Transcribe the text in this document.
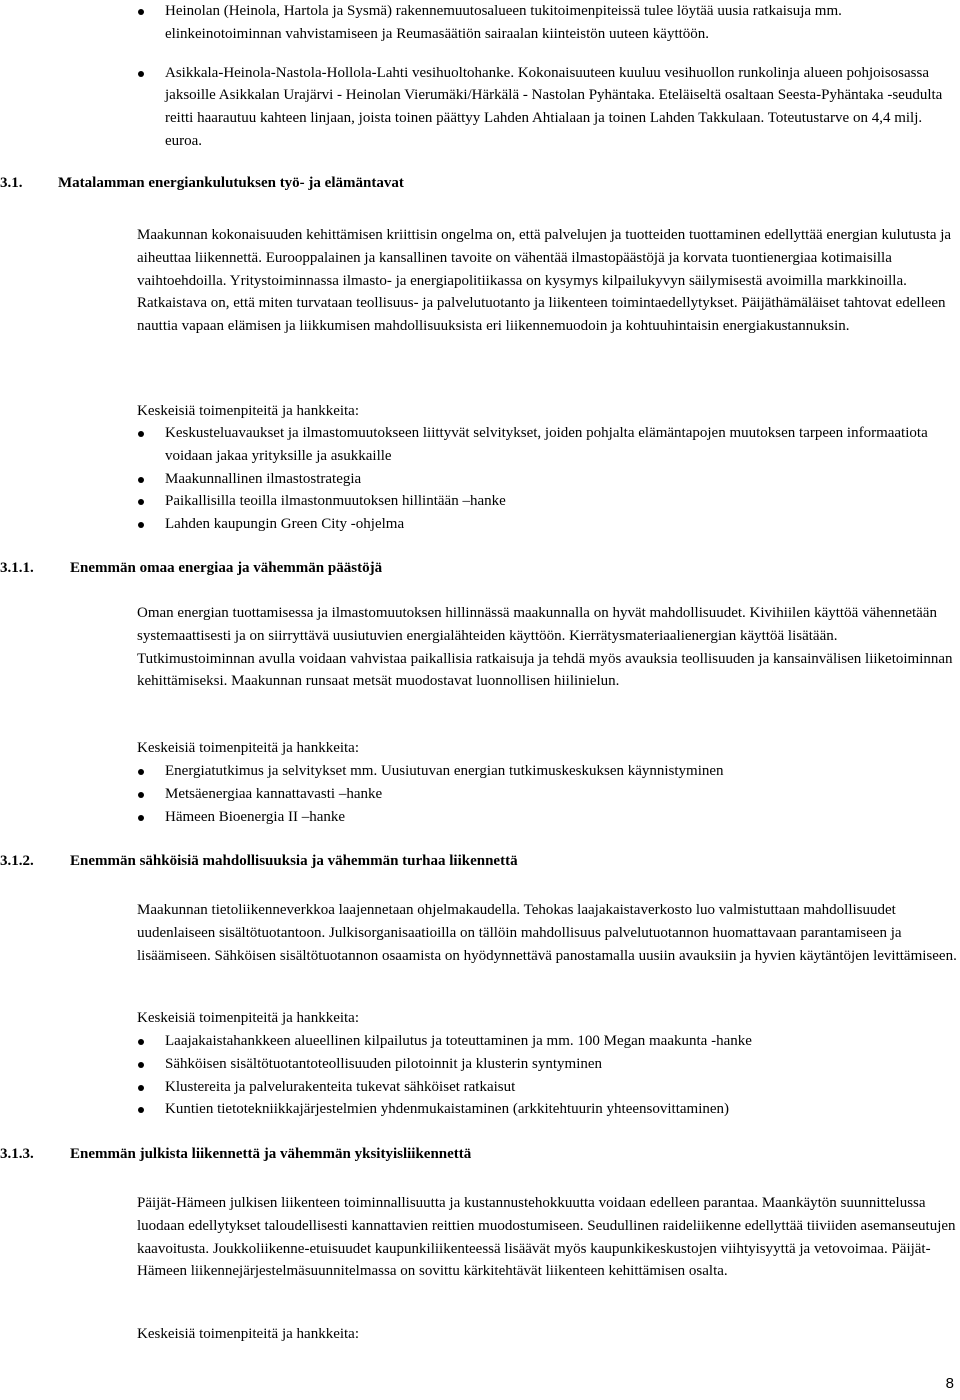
Heinolan (Heinola, Hartola ja Sysmä) rakennemuutosalueen tukitoimenpiteissä tulee löytää uusia ratkaisuja mm. elinkeinotoiminnan vahvistamiseen ja Reumasäätiön sairaalan kiinteistön uuteen käyttöön.
Asikkala-Heinola-Nastola-Hollola-Lahti vesihuoltohanke. Kokonaisuuteen kuuluu vesihuollon runkolinja alueen pohjoisosassa jaksoille Asikkalan Urajärvi - Heinolan Vierumäki/Härkälä - Nastolan Pyhäntaka. Eteläiseltä osaltaan Seesta-Pyhäntaka -seudulta reitti haarautuu kahteen linjaan, joista toinen päättyy Lahden Ahtialaan ja toinen Lahden Takkulaan. Toteutustarve on 4,4 milj. euroa.
3.1. Matalamman energiankulutuksen työ- ja elämäntavat
Maakunnan kokonaisuuden kehittämisen kriittisin ongelma on, että palvelujen ja tuotteiden tuottaminen edellyttää energian kulutusta ja aiheuttaa liikennettä. Eurooppalainen ja kansallinen tavoite on vähentää ilmastopäästöjä ja korvata tuontienergiaa kotimaisilla vaihtoehdoilla. Yritystoiminnassa ilmasto- ja energiapolitiikassa on kysymys kilpailukyvyn säilymisestä avoimilla markkinoilla. Ratkaistava on, että miten turvataan teollisuus- ja palvelutuotanto ja liikenteen toimintaedellytykset. Päijäthämäläiset tahtovat edelleen nauttia vapaan elämisen ja liikkumisen mahdollisuuksista eri liikennemuodoin ja kohtuuhintaisin energiakustannuksin.
Keskeisiä toimenpiteitä ja hankkeita:
Keskusteluavaukset ja ilmastomuutokseen liittyvät selvitykset, joiden pohjalta elämäntapojen muutoksen tarpeen informaatiota voidaan jakaa yrityksille ja asukkaille
Maakunnallinen ilmastostrategia
Paikallisilla teoilla ilmastonmuutoksen hillintään –hanke
Lahden kaupungin Green City -ohjelma
3.1.1. Enemmän omaa energiaa ja vähemmän päästöjä
Oman energian tuottamisessa ja ilmastomuutoksen hillinnässä maakunnalla on hyvät mahdollisuudet. Kivihiilen käyttöä vähennetään systemaattisesti ja on siirryttävä uusiutuvien energialähteiden käyttöön. Kierrätysmateriaalienergian käyttöä lisätään. Tutkimustoiminnan avulla voidaan vahvistaa paikallisia ratkaisuja ja tehdä myös avauksia teollisuuden ja kansainvälisen liiketoiminnan kehittämiseksi. Maakunnan runsaat metsät muodostavat luonnollisen hiilinielun.
Keskeisiä toimenpiteitä ja hankkeita:
Energiatutkimus ja selvitykset mm. Uusiutuvan energian tutkimuskeskuksen käynnistyminen
Metsäenergiaa kannattavasti –hanke
Hämeen Bioenergia II –hanke
3.1.2. Enemmän sähköisiä mahdollisuuksia ja vähemmän turhaa liikennettä
Maakunnan tietoliikenneverkkoa laajennetaan ohjelmakaudella. Tehokas laajakaistaverkosto luo valmistuttaan mahdollisuudet uudenlaiseen sisältötuotantoon. Julkisorganisaatioilla on tällöin mahdollisuus palvelutuotannon huomattavaan parantamiseen ja lisäämiseen. Sähköisen sisältötuotannon osaamista on hyödynnettävä panostamalla uusiin avauksiin ja hyvien käytäntöjen levittämiseen.
Keskeisiä toimenpiteitä ja hankkeita:
Laajakaistahankkeen alueellinen kilpailutus ja toteuttaminen ja mm. 100 Megan maakunta -hanke
Sähköisen sisältötuotantoteollisuuden pilotoinnit ja klusterin syntyminen
Klustereita ja palvelurakenteita tukevat sähköiset ratkaisut
Kuntien tietotekniikkajärjestelmien yhdenmukaistaminen (arkkitehtuurin yhteensovittaminen)
3.1.3. Enemmän julkista liikennettä ja vähemmän yksityisliikennettä
Päijät-Hämeen julkisen liikenteen toiminnallisuutta ja kustannustehokkuutta voidaan edelleen parantaa. Maankäytön suunnittelussa luodaan edellytykset taloudellisesti kannattavien reittien muodostumiseen. Seudullinen raideliikenne edellyttää tiiviiden asemanseutujen kaavoitusta. Joukkoliikenne-etuisuudet kaupunkiliikenteessä lisäävät myös kaupunkikeskustojen viihtyisyyttä ja vetovoimaa. Päijät-Hämeen liikennejärjestelmäsuunnitelmassa on sovittu kärkitehtävät liikenteen kehittämisen osalta.
Keskeisiä toimenpiteitä ja hankkeita:
8
